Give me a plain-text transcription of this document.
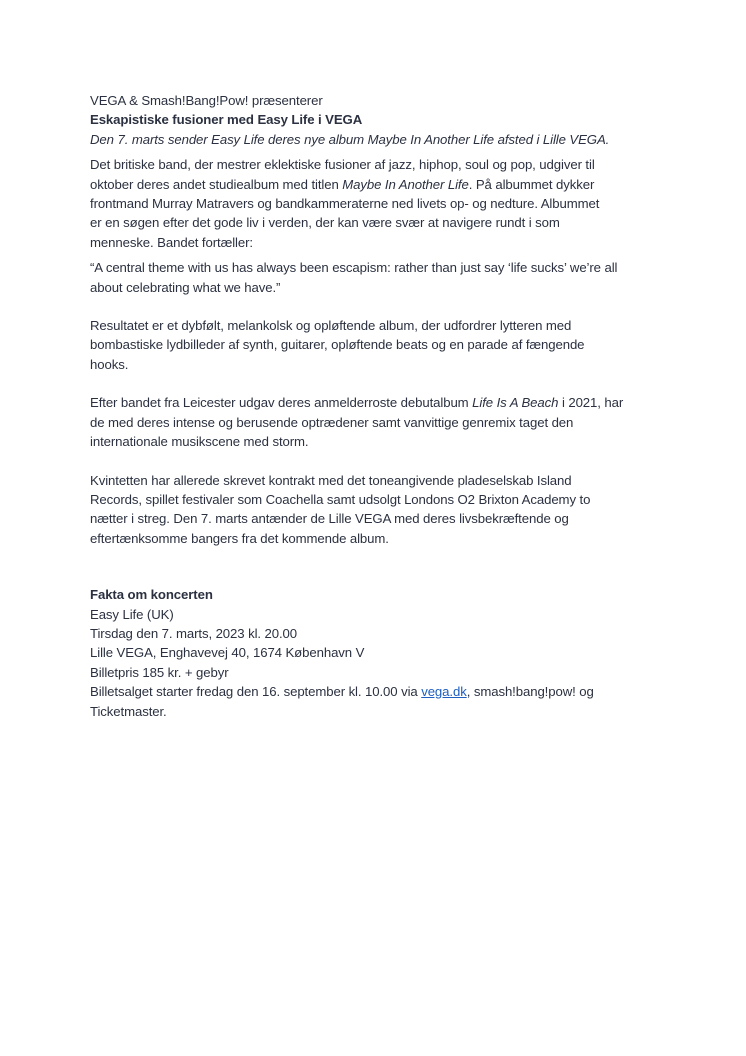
VEGA & Smash!Bang!Pow! præsenterer
Eskapistiske fusioner med Easy Life i VEGA
Den 7. marts sender Easy Life deres nye album Maybe In Another Life afsted i Lille VEGA.

Det britiske band, der mestrer eklektiske fusioner af jazz, hiphop, soul og pop, udgiver til
oktober deres andet studiealbum med titlen Maybe In Another Life. På albummet dykker
frontmand Murray Matravers og bandkammeraterne ned livets op- og nedture. Albummet
er en søgen efter det gode liv i verden, der kan være svær at navigere rundt i som
menneske. Bandet fortæller:

“A central theme with us has always been escapism: rather than just say ‘life sucks’ we’re all
about celebrating what we have.”

Resultatet er et dybfølt, melankolsk og opløftende album, der udfordrer lytteren med
bombastiske lydbilleder af synth, guitarer, opløftende beats og en parade af fængende
hooks.

Efter bandet fra Leicester udgav deres anmelderroste debutalbum Life Is A Beach i 2021, har
de med deres intense og berusende optrædener samt vanvittige genremix taget den
internationale musikscene med storm.

Kvintetten har allerede skrevet kontrakt med det toneangivende pladeselskab Island
Records, spillet festivaler som Coachella samt udsolgt Londons O2 Brixton Academy to
nætter i streg. Den 7. marts antænder de Lille VEGA med deres livsbekræftende og
eftertænksomme bangers fra det kommende album.

Fakta om koncerten
Easy Life (UK)
Tirsdag den 7. marts, 2023 kl. 20.00
Lille VEGA, Enghavevej 40, 1674 København V
Billetpris 185 kr. + gebyr
Billetsalget starter fredag den 16. september kl. 10.00 via vega.dk, smash!bang!pow! og
Ticketmaster.
